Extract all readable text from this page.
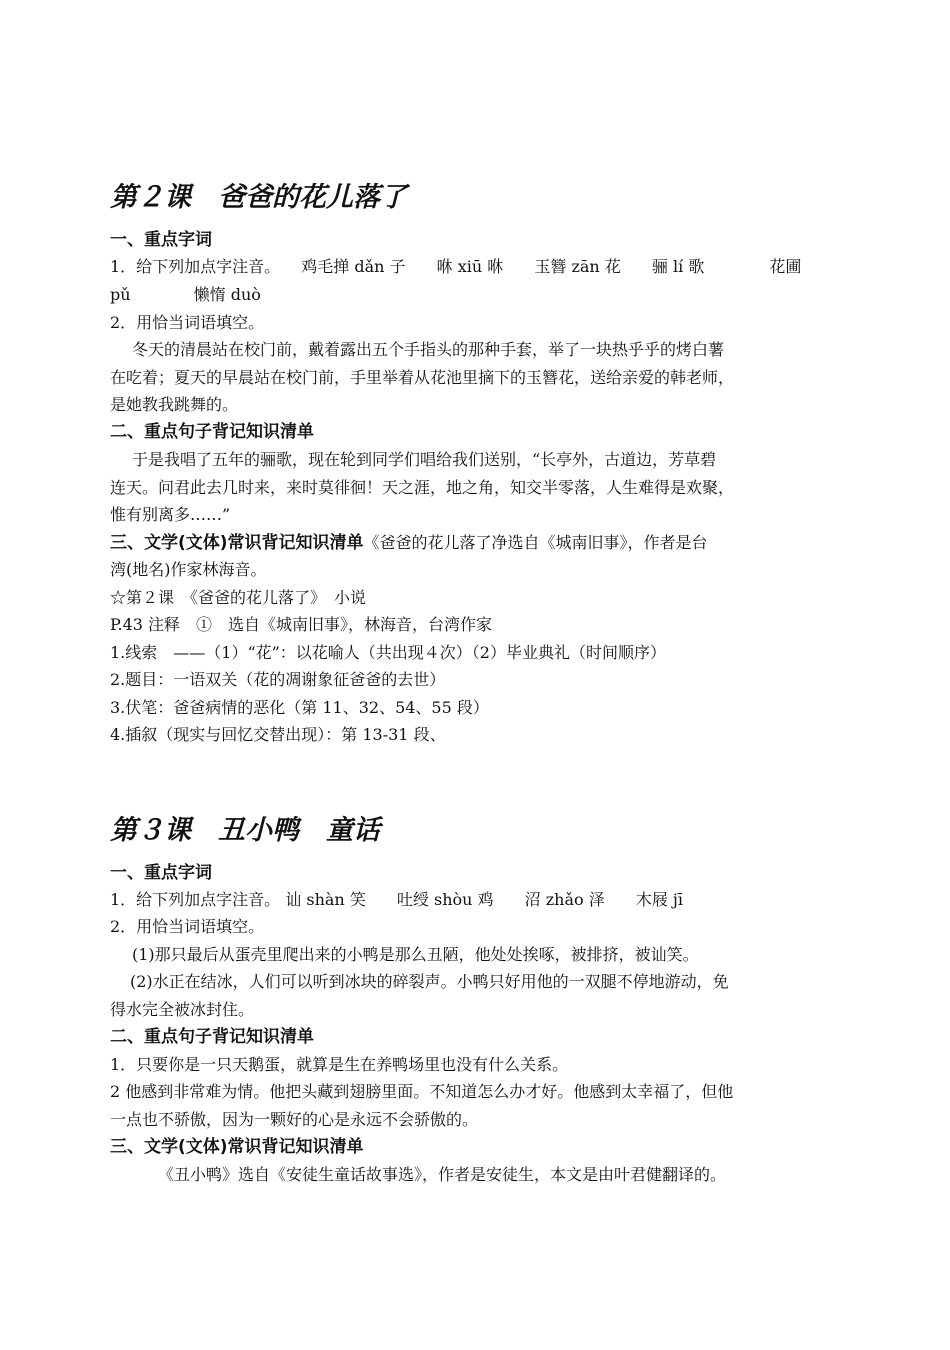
第２课　爸爸的花儿落了
一、重点字词
1．给下列加点字注音。 鸡毛掸 dǎn 子 咻 xiū 咻 玉簪 zān 花 骊 lí 歌	花圃
pǔ	懒惰 duò
2．用恰当词语填空。
冬天的清晨站在校门前，戴着露出五个手指头的那种手套，举了一块热乎乎的烤白薯
在吃着；夏天的早晨站在校门前，手里举着从花池里摘下的玉簪花，送给亲爱的韩老师，
是她教我跳舞的。
二、重点句子背记知识清单
于是我唱了五年的骊歌，现在轮到同学们唱给我们送别，“长亭外，古道边，芳草碧
连天。问君此去几时来，来时莫徘徊！天之涯，地之角，知交半零落，人生难得是欢聚，
惟有别离多……”
三、文学(文体)常识背记知识清单《爸爸的花儿落了净选自《城南旧事》，作者是台
湾(地名)作家林海音。
☆第２课　《爸爸的花儿落了》　小说
P.43 注释　①　选自《城南旧事》，林海音，台湾作家
1.线索　——（1）“花”：以花喻人（共出现４次）（2）毕业典礼（时间顺序）
2.题目：一语双关（花的凋谢象征爸爸的去世）
3.伏笔：爸爸病情的恶化（第 11、32、54、55 段）
4.插叙（现实与回忆交替出现）：第 13-31 段、
第３课　丑小鸭　童话
一、重点字词
1．给下列加点字注音。 讪 shàn 笑 吐绶 shòu 鸡 沼 zhǎo 泽 木屐 jī
2．用恰当词语填空。
(1)那只最后从蛋壳里爬出来的小鸭是那么丑陋，他处处挨啄，被排挤，被讪笑。
(2)水正在结冰，人们可以听到冰块的碎裂声。小鸭只好用他的一双腿不停地游动，免
得水完全被冰封住。
二、重点句子背记知识清单
1．只要你是一只天鹅蛋，就算是生在养鸭场里也没有什么关系。
2 他感到非常难为情。他把头藏到翅膀里面。不知道怎么办才好。他感到太幸福了，但他
一点也不骄傲，因为一颗好的心是永远不会骄傲的。
三、文学(文体)常识背记知识清单
《丑小鸭》选自《安徒生童话故事选》，作者是安徒生，本文是由叶君健翻译的。
